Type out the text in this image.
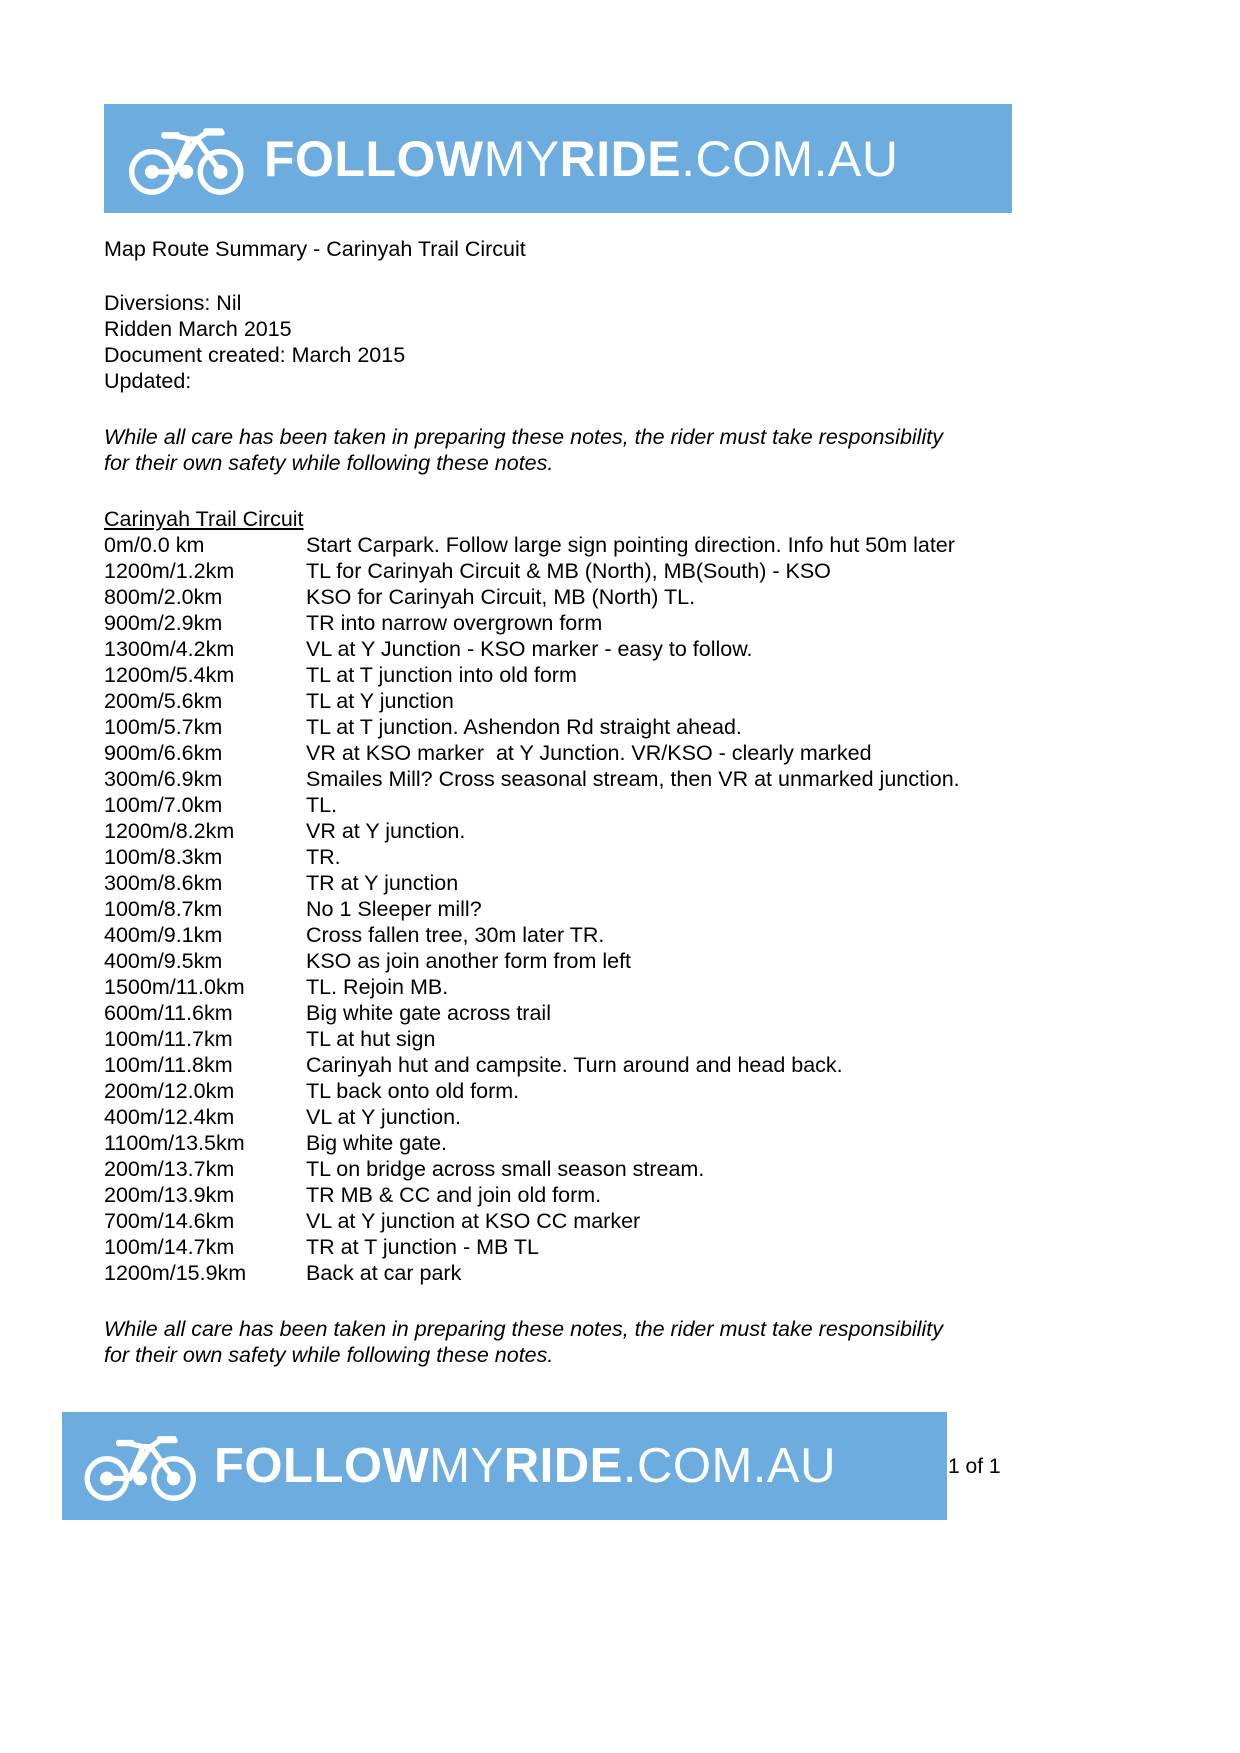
FOLLOW MY RIDE .COM.AU
Map Route Summary - Carinyah Trail Circuit
Diversions: Nil
Ridden March 2015
Document created: March 2015
Updated:
While all care has been taken in preparing these notes, the rider must take responsibility
for their own safety while following these notes.
Carinyah Trail Circuit
0m/0.0 km	Start Carpark. Follow large sign pointing direction. Info hut 50m later
1200m/1.2km	TL for Carinyah Circuit & MB (North), MB(South) - KSO
800m/2.0km	KSO for Carinyah Circuit, MB (North) TL.
900m/2.9km	TR into narrow overgrown form
1300m/4.2km	VL at Y Junction - KSO marker - easy to follow.
1200m/5.4km	TL at T junction into old form
200m/5.6km	TL at Y junction
100m/5.7km	TL at T junction. Ashendon Rd straight ahead.
900m/6.6km	VR at KSO marker  at Y Junction. VR/KSO - clearly marked
300m/6.9km	Smailes Mill? Cross seasonal stream, then VR at unmarked junction.
100m/7.0km	TL.
1200m/8.2km	VR at Y junction.
100m/8.3km	TR.
300m/8.6km	TR at Y junction
100m/8.7km	No 1 Sleeper mill?
400m/9.1km	Cross fallen tree, 30m later TR.
400m/9.5km	KSO as join another form from left
1500m/11.0km	TL. Rejoin MB.
600m/11.6km	Big white gate across trail
100m/11.7km	TL at hut sign
100m/11.8km	Carinyah hut and campsite. Turn around and head back.
200m/12.0km	TL back onto old form.
400m/12.4km	VL at Y junction.
1100m/13.5km	Big white gate.
200m/13.7km	TL on bridge across small season stream.
200m/13.9km	TR MB & CC and join old form.
700m/14.6km	VL at Y junction at KSO CC marker
100m/14.7km	TR at T junction - MB TL
1200m/15.9km	Back at car park
While all care has been taken in preparing these notes, the rider must take responsibility
for their own safety while following these notes.
FOLLOW MY RIDE .COM.AU	1 of 1
